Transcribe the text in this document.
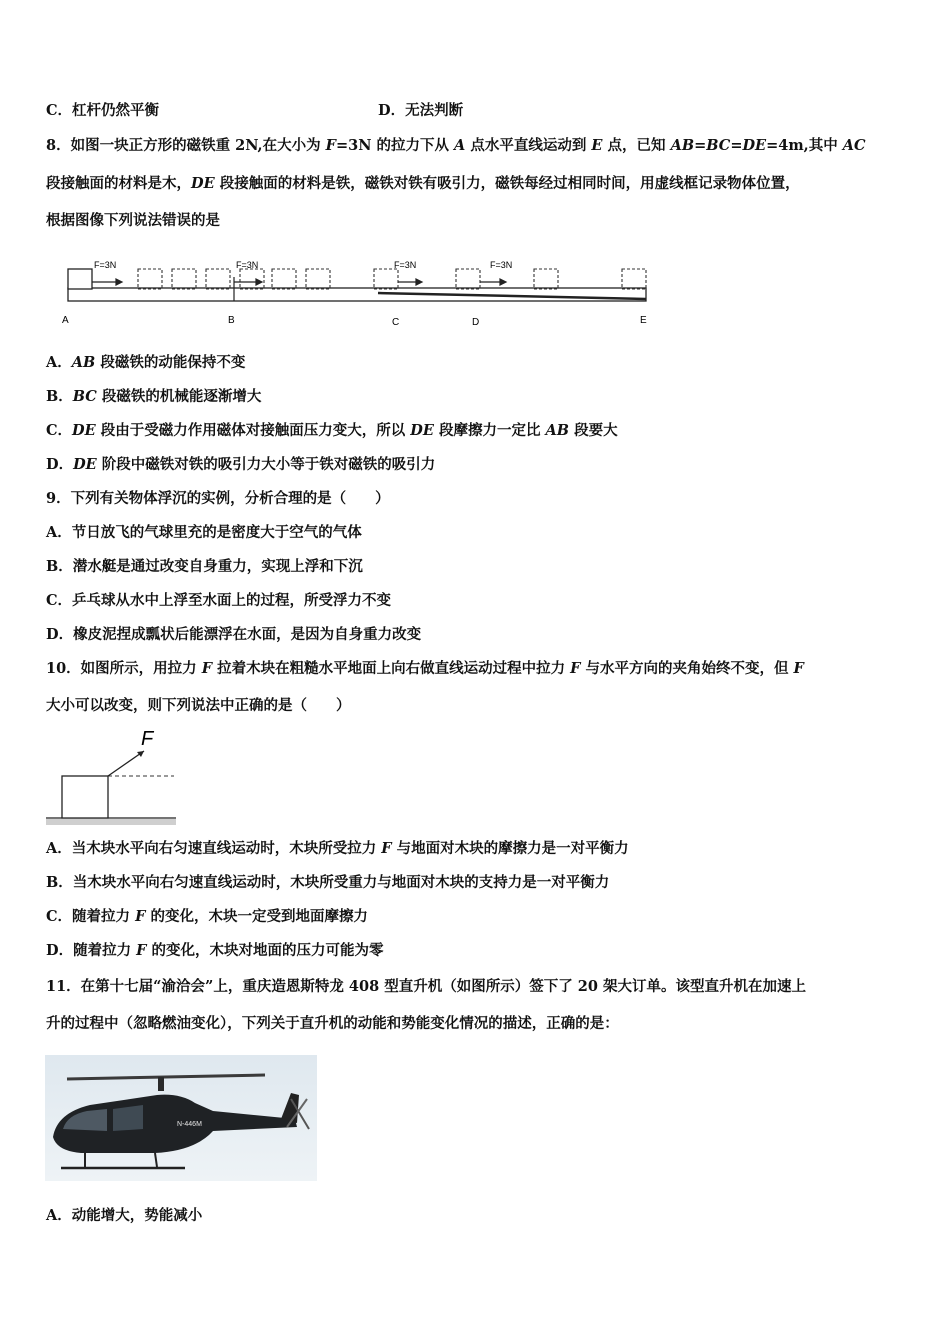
C．杠杆仍然平衡	D．无法判断
8．如图一块正方形的磁铁重 2N,在大小为 F=3N 的拉力下从 A 点水平直线运动到 E 点，已知 AB=BC=DE=4m,其中 AC
段接触面的材料是木，DE 段接触面的材料是铁，磁铁对铁有吸引力，磁铁每经过相同时间，用虚线框记录物体位置，
根据图像下列说法错误的是
F=3N	F=3N	F=3N	F=3N
A	B	C	D	E
A．AB 段磁铁的动能保持不变
B．BC 段磁铁的机械能逐渐增大
C．DE 段由于受磁力作用磁体对接触面压力变大，所以 DE 段摩擦力一定比 AB 段要大
D．DE 阶段中磁铁对铁的吸引力大小等于铁对磁铁的吸引力
9．下列有关物体浮沉的实例，分析合理的是（　　）
A．节日放飞的气球里充的是密度大于空气的气体
B．潜水艇是通过改变自身重力，实现上浮和下沉
C．乒乓球从水中上浮至水面上的过程，所受浮力不变
D．橡皮泥捏成瓢状后能漂浮在水面，是因为自身重力改变
10．如图所示，用拉力 F 拉着木块在粗糙水平地面上向右做直线运动过程中拉力 F 与水平方向的夹角始终不变，但 F
大小可以改变，则下列说法中正确的是（　　）
F
A．当木块水平向右匀速直线运动时，木块所受拉力 F 与地面对木块的摩擦力是一对平衡力
B．当木块水平向右匀速直线运动时，木块所受重力与地面对木块的支持力是一对平衡力
C．随着拉力 F 的变化，木块一定受到地面摩擦力
D．随着拉力 F 的变化，木块对地面的压力可能为零
11．在第十七届“渝洽会”上，重庆造恩斯特龙 408 型直升机（如图所示）签下了 20 架大订单。该型直升机在加速上
升的过程中（忽略燃油变化），下列关于直升机的动能和势能变化情况的描述，正确的是：
N-446M
A．动能增大，势能减小
